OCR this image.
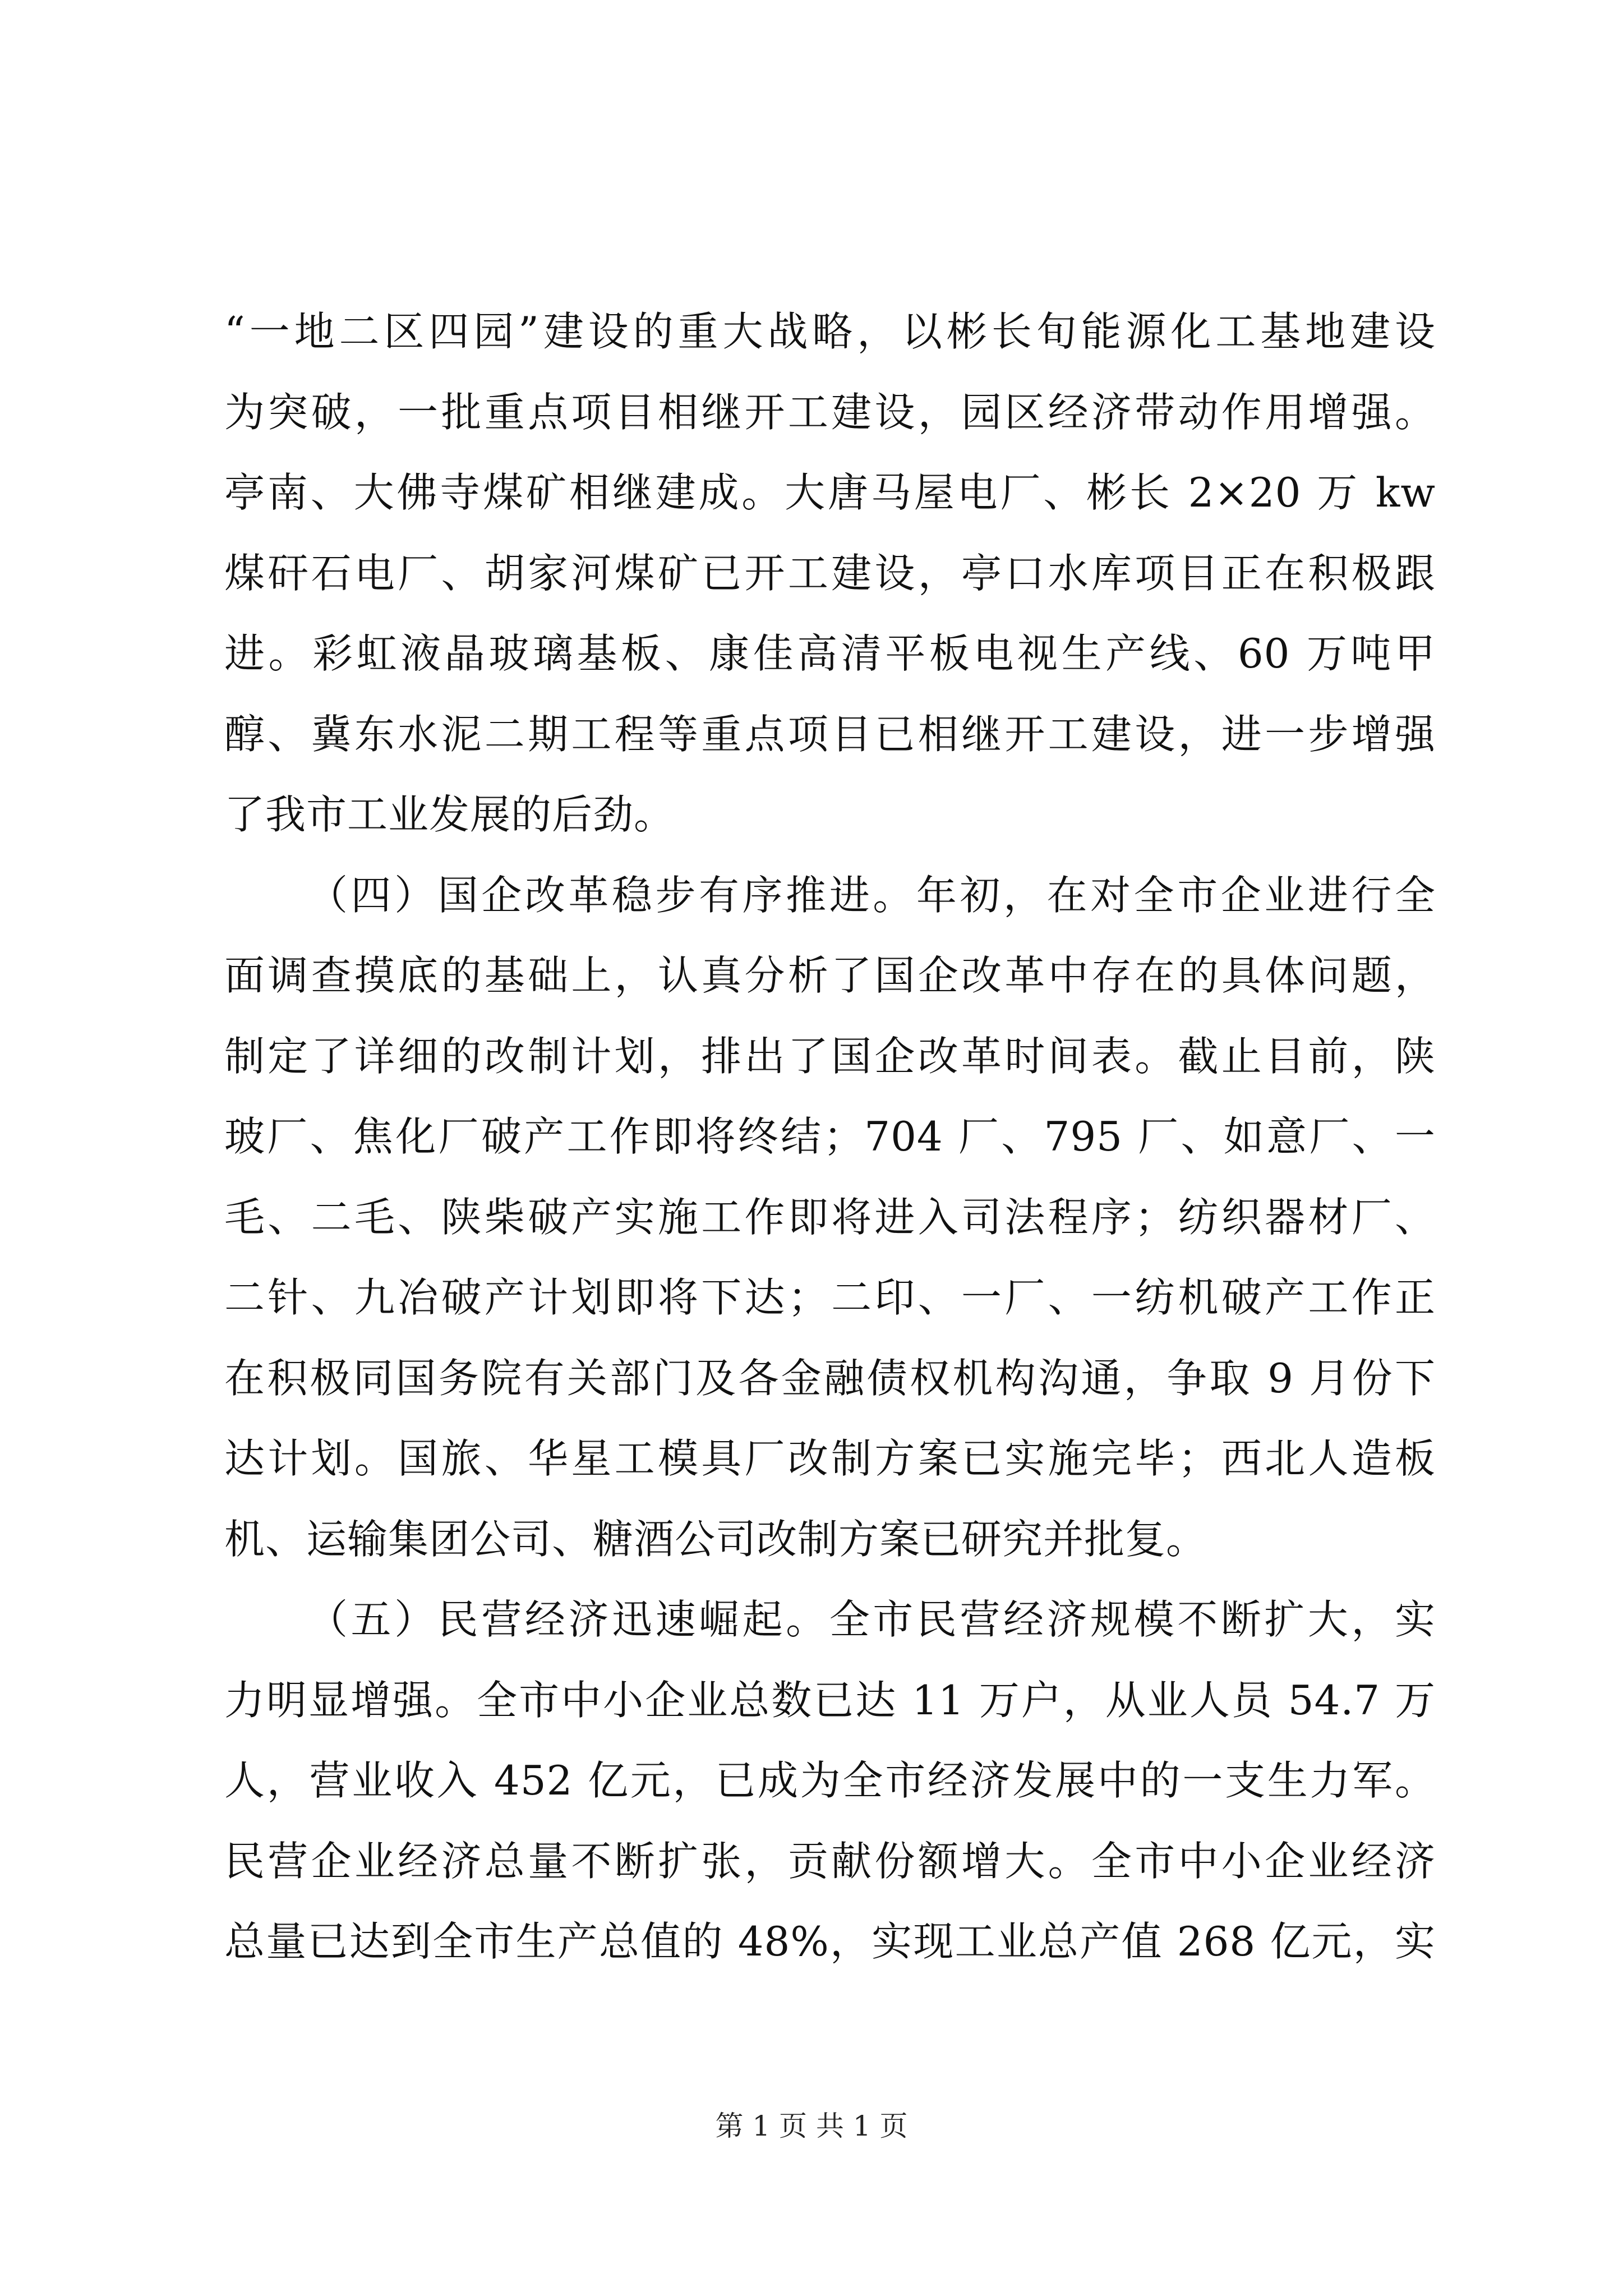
“一地二区四园”建设的重大战略，以彬长旬能源化工基地建设
为突破，一批重点项目相继开工建设，园区经济带动作用增强。
亭南、大佛寺煤矿相继建成。大唐马屋电厂、彬长 2×20 万 kw
煤矸石电厂、胡家河煤矿已开工建设，亭口水库项目正在积极跟
进。彩虹液晶玻璃基板、康佳高清平板电视生产线、60 万吨甲
醇、冀东水泥二期工程等重点项目已相继开工建设，进一步增强
了我市工业发展的后劲。
（四）国企改革稳步有序推进。年初，在对全市企业进行全
面调查摸底的基础上，认真分析了国企改革中存在的具体问题，
制定了详细的改制计划，排出了国企改革时间表。截止目前，陕
玻厂、焦化厂破产工作即将终结；704 厂、795 厂、如意厂、一
毛、二毛、陕柴破产实施工作即将进入司法程序；纺织器材厂、
二针、九冶破产计划即将下达；二印、一厂、一纺机破产工作正
在积极同国务院有关部门及各金融债权机构沟通，争取 9 月份下
达计划。国旅、华星工模具厂改制方案已实施完毕；西北人造板
机、运输集团公司、糖酒公司改制方案已研究并批复。
（五）民营经济迅速崛起。全市民营经济规模不断扩大，实
力明显增强。全市中小企业总数已达 11 万户，从业人员 54.7 万
人，营业收入 452 亿元，已成为全市经济发展中的一支生力军。
民营企业经济总量不断扩张，贡献份额增大。全市中小企业经济
总量已达到全市生产总值的 48%，实现工业总产值 268 亿元，实
第 1 页 共 1 页
